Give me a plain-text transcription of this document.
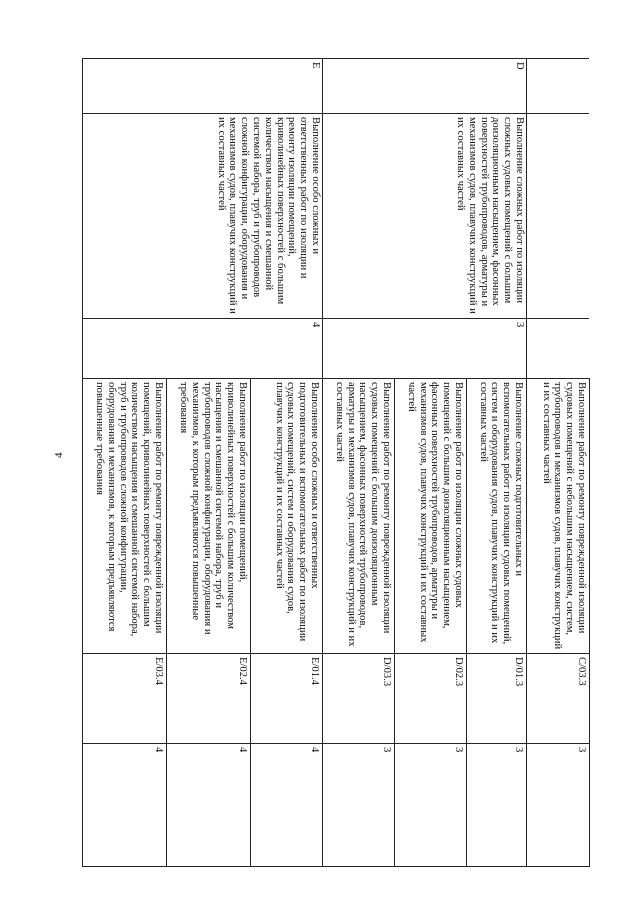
4
				Выполнение работ по ремонту поврежденной изоляции судовых помещений с небольшим насыщением, систем, трубопроводов и механизмов судов, плавучих конструкций и их составных частей	C/03.3	3
D	Выполнение сложных работ по изоляции сложных судовых помещений с большим доизоляционным насыщением, фасонных поверхностей трубопроводов, арматуры и механизмов судов, плавучих конструкций и их составных частей	3	Выполнение сложных подготовительных и вспомогательных работ по изоляции судовых помещений, систем и оборудования судов, плавучих конструкций и их составных частей	D/01.3	3
			Выполнение работ по изоляции сложных судовых помещений с большим доизоляционным насыщением, фасонных поверхностей трубопроводов, арматуры и механизмов судов, плавучих конструкций и их составных частей	D/02.3	3
			Выполнение работ по ремонту поврежденной изоляции судовых помещений с большим доизоляционным насыщением, фасонных поверхностей трубопроводов, арматуры и механизмов судов, плавучих конструкций и их составных частей	D/03.3	3
E	Выполнение особо сложных и ответственных работ по изоляции и ремонту изоляции помещений, криволинейных поверхностей с большим количеством насыщения и смешанной системой набора, труб и трубопроводов сложной конфигурации, оборудования и механизмов судов, плавучих конструкций и их составных частей	4	Выполнение особо сложных и ответственных подготовительных и вспомогательных работ по изоляции судовых помещений, систем и оборудования судов, плавучих конструкций и их составных частей	E/01.4	4
			Выполнение работ по изоляции помещений, криволинейных поверхностей с большим количеством насыщения и смешанной системой набора, труб и трубопроводов сложной конфигурации, оборудования и механизмов, к которым предъявляются повышенные требования	E/02.4	4
			Выполнение работ по ремонту поврежденной изоляции помещений, криволинейных поверхностей с большим количеством насыщения и смешанной системой набора, труб и трубопроводов сложной конфигурации, оборудования и механизмов, к которым предъявляются повышенные требования	E/03.4	4
